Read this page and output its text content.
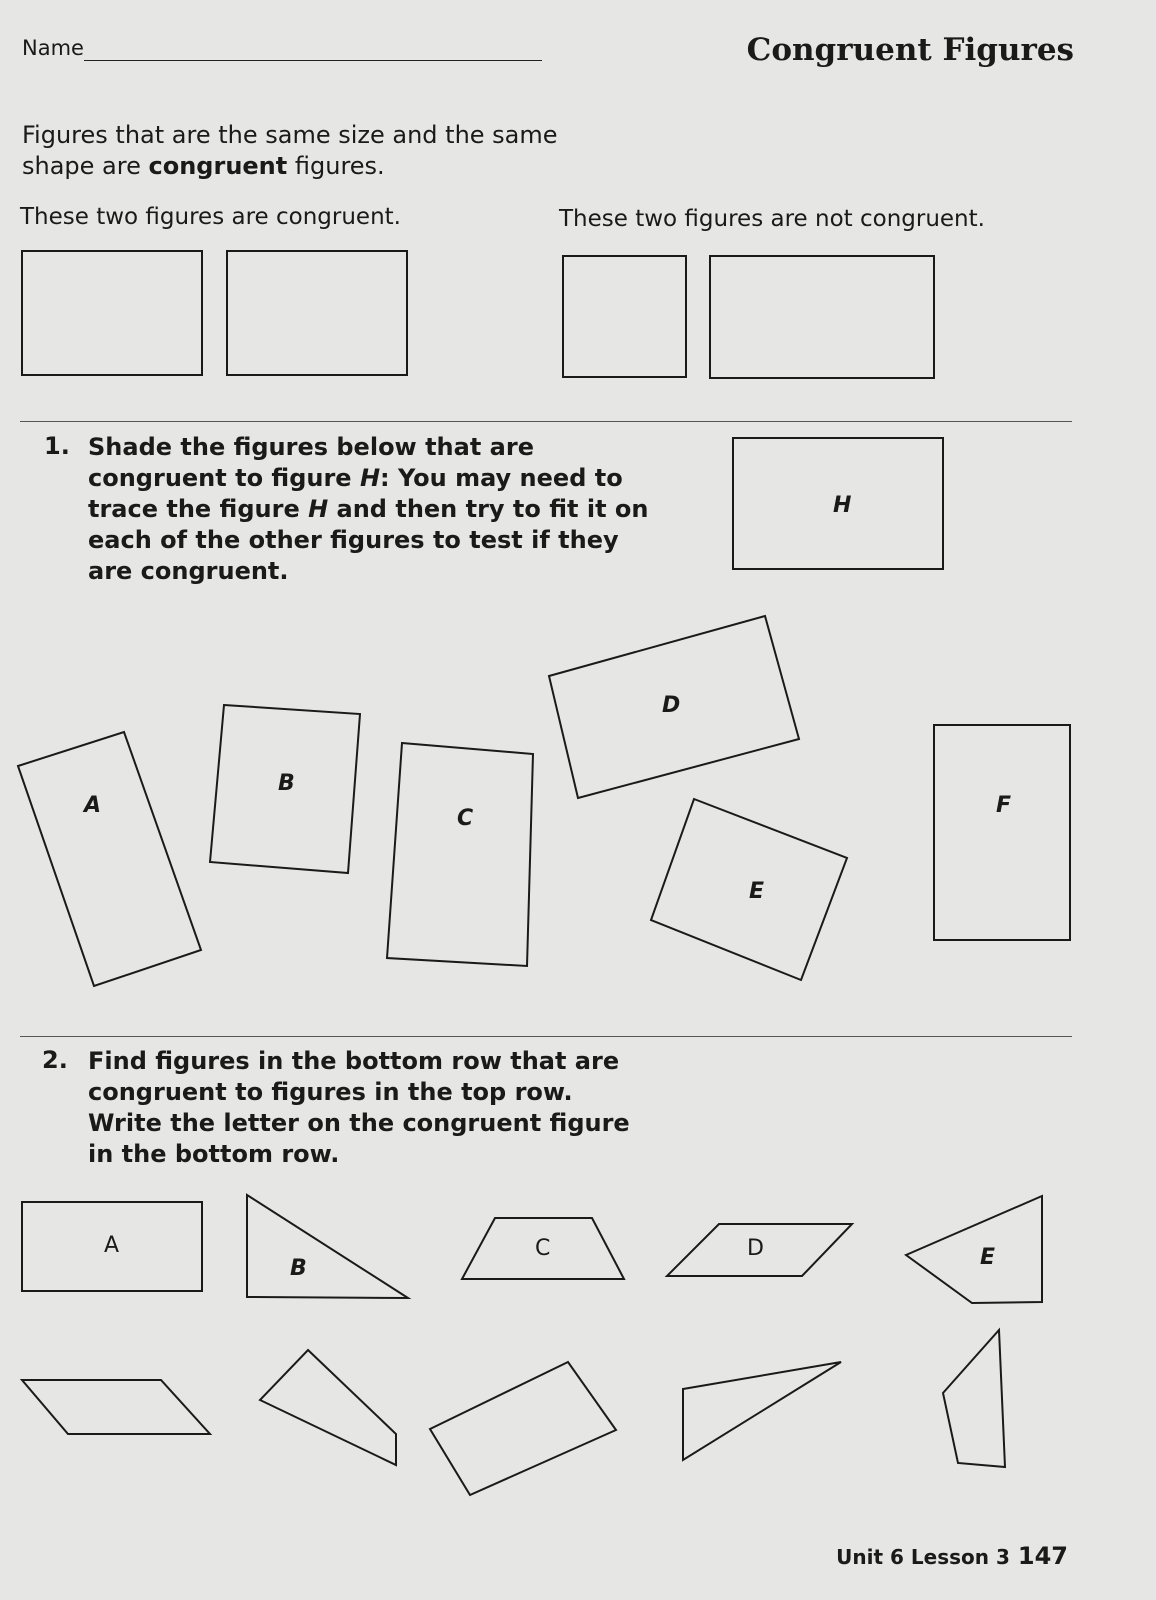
Name	Congruent Figures
Figures that are the same size and the same
shape are congruent figures.
These two figures are congruent.	These two figures are not congruent.
1. Shade the figures below that are congruent to figure H: You may need to trace the figure H and then try to fit it on each of the other figures to test if they are congruent.
2. Find figures in the bottom row that are congruent to figures in the top row. Write the letter on the congruent figure in the bottom row.
H
A
B
C
D
E
F
A
B
C	D	E
Unit 6 Lesson 3 147
